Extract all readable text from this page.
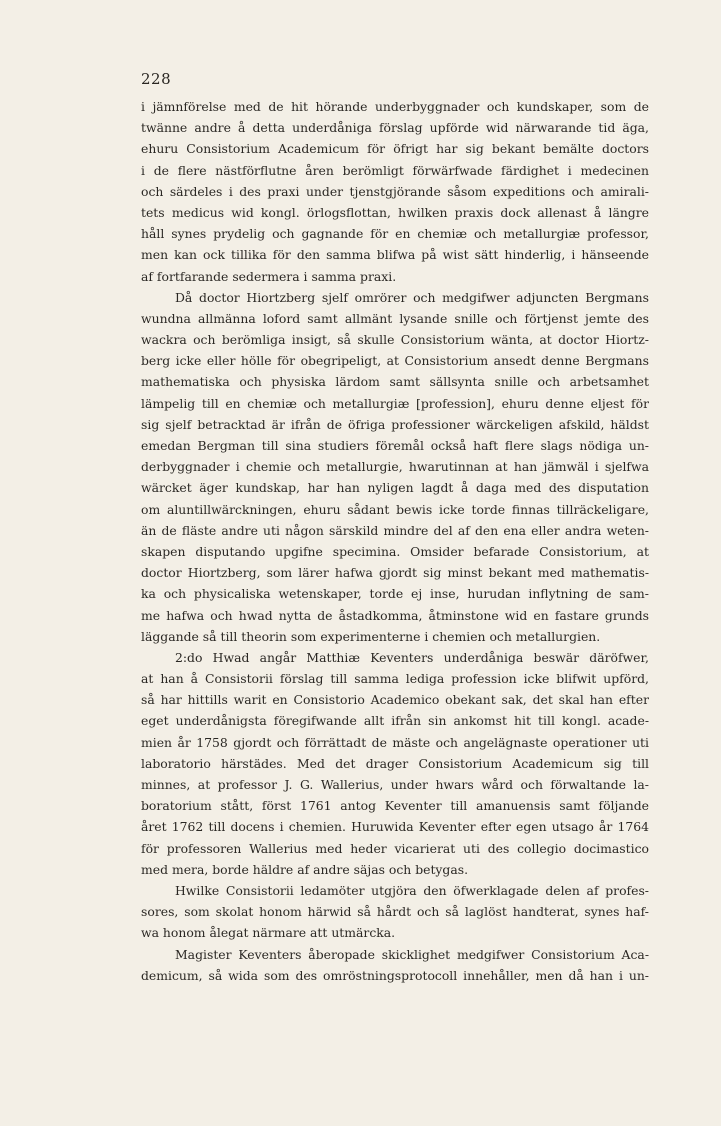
228
i jämnförelse med de hit hörande underbyggnader och kundskaper, som de
twänne andre å detta underdåniga förslag upförde wid närwarande tid äga,
ehuru Consistorium Academicum för öfrigt har sig bekant bemälte doctors
i de flere nästförflutne åren berömligt förwärfwade färdighet i medecinen
och särdeles i des praxi under tjenstgjörande såsom expeditions och amirali-
tets medicus wid kongl. örlogsflottan, hwilken praxis dock allenast å längre
håll synes prydelig och gagnande för en chemiæ och metallurgiæ professor,
men kan ock tillika för den samma blifwa på wist sätt hinderlig, i hänseende
af fortfarande sedermera i samma praxi.
Då doctor Hiortzberg sjelf omrörer och medgifwer adjuncten Bergmans
wundna allmänna loford samt allmänt lysande snille och förtjenst jemte des
wackra och berömliga insigt, så skulle Consistorium wänta, at doctor Hiortz-
berg icke eller hölle för obegripeligt, at Consistorium ansedt denne Bergmans
mathematiska och physiska lärdom samt sällsynta snille och arbetsamhet
lämpelig till en chemiæ och metallurgiæ [profession], ehuru denne eljest för
sig sjelf betracktad är ifrån de öfriga professioner wärckeligen afskild, häldst
emedan Bergman till sina studiers föremål också haft flere slags nödiga un-
derbyggnader i chemie och metallurgie, hwarutinnan at han jämwäl i sjelfwa
wärcket äger kundskap, har han nyligen lagdt å daga med des disputation
om aluntillwärckningen, ehuru sådant bewis icke torde finnas tillräckeligare,
än de fläste andre uti någon särskild mindre del af den ena eller andra weten-
skapen disputando upgifne specimina. Omsider befarade Consistorium, at
doctor Hiortzberg, som lärer hafwa gjordt sig minst bekant med mathematis-
ka och physicaliska wetenskaper, torde ej inse, hurudan inflytning de sam-
me hafwa och hwad nytta de åstadkomma, åtminstone wid en fastare grunds
läggande så till theorin som experimenterne i chemien och metallurgien.
2:do Hwad angår Matthiæ Keventers underdåniga beswär däröfwer,
at han å Consistorii förslag till samma lediga profession icke blifwit upförd,
så har hittills warit en Consistorio Academico obekant sak, det skal han efter
eget underdånigsta föregifwande allt ifrån sin ankomst hit till kongl. acade-
mien år 1758 gjordt och förrättadt de mäste och angelägnaste operationer uti
laboratorio härstädes. Med det drager Consistorium Academicum sig till
minnes, at professor J. G. Wallerius, under hwars wård och förwaltande la-
boratorium stått, först 1761 antog Keventer till amanuensis samt följande
året 1762 till docens i chemien. Huruwida Keventer efter egen utsago år 1764
för professoren Wallerius med heder vicarierat uti des collegio docimastico
med mera, borde häldre af andre säjas och betygas.
Hwilke Consistorii ledamöter utgjöra den öfwerklagade delen af profes-
sores, som skolat honom härwid så hårdt och så laglöst handterat, synes haf-
wa honom ålegat närmare att utmärcka.
Magister Keventers åberopade skicklighet medgifwer Consistorium Aca-
demicum, så wida som des omröstningsprotocoll innehåller, men då han i un-
